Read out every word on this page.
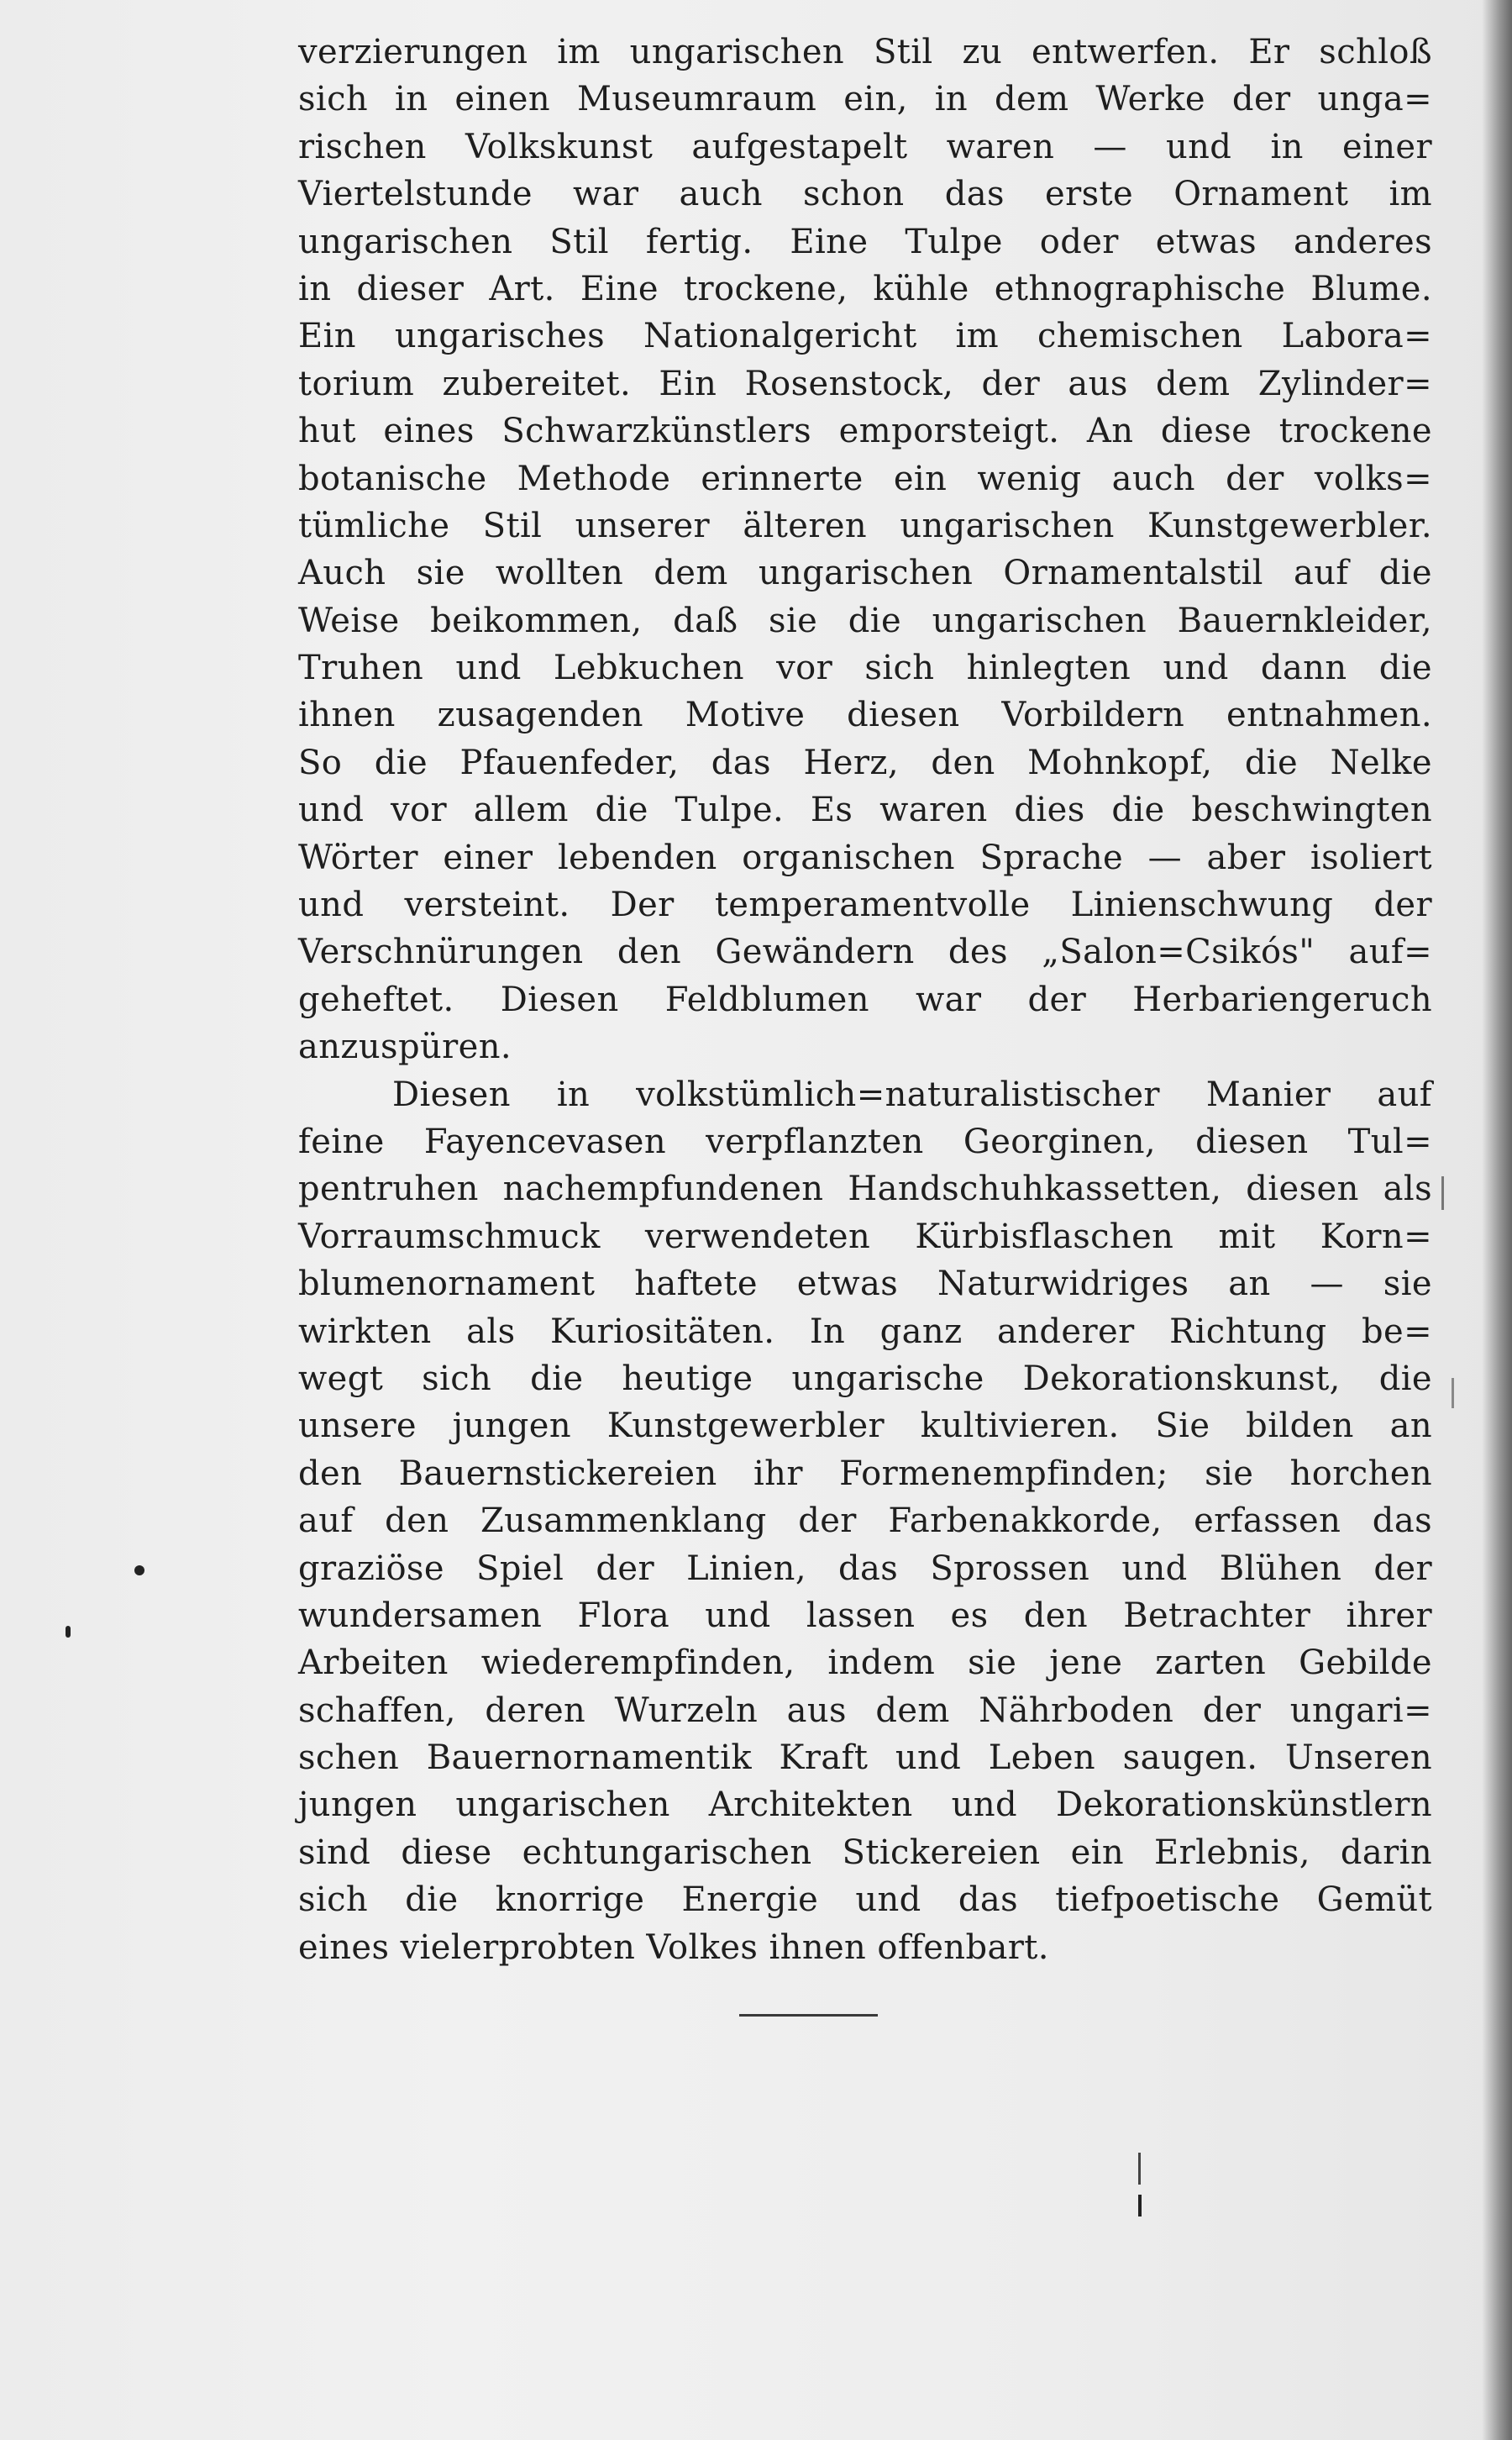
verzierungen im ungarischen Stil zu entwerfen. Er schloß
sich in einen Museumraum ein, in dem Werke der unga=
rischen Volkskunst aufgestapelt waren — und in einer
Viertelstunde war auch schon das erste Ornament im
ungarischen Stil fertig. Eine Tulpe oder etwas anderes
in dieser Art. Eine trockene, kühle ethnographische Blume.
Ein ungarisches Nationalgericht im chemischen Labora=
torium zubereitet. Ein Rosenstock, der aus dem Zylinder=
hut eines Schwarzkünstlers emporsteigt. An diese trockene
botanische Methode erinnerte ein wenig auch der volks=
tümliche Stil unserer älteren ungarischen Kunstgewerbler.
Auch sie wollten dem ungarischen Ornamentalstil auf die
Weise beikommen, daß sie die ungarischen Bauernkleider,
Truhen und Lebkuchen vor sich hinlegten und dann die
ihnen zusagenden Motive diesen Vorbildern entnahmen.
So die Pfauenfeder, das Herz, den Mohnkopf, die Nelke
und vor allem die Tulpe. Es waren dies die beschwingten
Wörter einer lebenden organischen Sprache — aber isoliert
und versteint. Der temperamentvolle Linienschwung der
Verschnürungen den Gewändern des „Salon=Csikós" auf=
geheftet. Diesen Feldblumen war der Herbariengeruch
anzuspüren.
Diesen in volkstümlich=naturalistischer Manier auf
feine Fayencevasen verpflanzten Georginen, diesen Tul=
pentruhen nachempfundenen Handschuhkassetten, diesen als
Vorraumschmuck verwendeten Kürbisflaschen mit Korn=
blumenornament haftete etwas Naturwidriges an — sie
wirkten als Kuriositäten. In ganz anderer Richtung be=
wegt sich die heutige ungarische Dekorationskunst, die
unsere jungen Kunstgewerbler kultivieren. Sie bilden an
den Bauernstickereien ihr Formenempfinden; sie horchen
auf den Zusammenklang der Farbenakkorde, erfassen das
graziöse Spiel der Linien, das Sprossen und Blühen der
wundersamen Flora und lassen es den Betrachter ihrer
Arbeiten wiederempfinden, indem sie jene zarten Gebilde
schaffen, deren Wurzeln aus dem Nährboden der ungari=
schen Bauernornamentik Kraft und Leben saugen. Unseren
jungen ungarischen Architekten und Dekorationskünstlern
sind diese echtungarischen Stickereien ein Erlebnis, darin
sich die knorrige Energie und das tiefpoetische Gemüt
eines vielerprobten Volkes ihnen offenbart.
